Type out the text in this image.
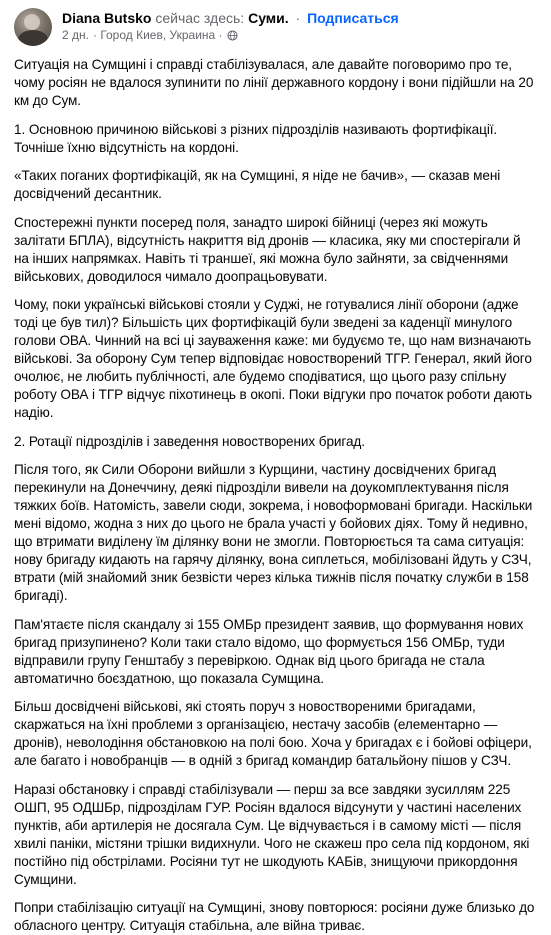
Diana Butsko сейчас здесь: Суми. · Подписаться
2 дн. · Город Киев, Украина ·

Ситуація на Сумщині і справді стабілізувалася, але давайте поговоримо про те, чому росіян не вдалося зупинити по лінії державного кордону і вони підійшли на 20 км до Сум.

1. Основною причиною військові з різних підрозділів називають фортифікації. Точніше їхню відсутність на кордоні.

«Таких поганих фортифікацій, як на Сумщині, я ніде не бачив», — сказав мені досвідчений десантник.

Спостережні пункти посеред поля, занадто широкі бійниці (через які можуть залітати БПЛА), відсутність накриття від дронів — класика, яку ми спостерігали й на інших напрямках. Навіть ті траншеї, які можна було зайняти, за свідченнями військових, доводилося чимало доопрацьовувати.

Чому, поки українські військові стояли у Суджі, не готувалися лінії оборони (адже тоді це був тил)? Більшість цих фортифікацій були зведені за каденції минулого голови ОВА. Чинний на всі ці зауваження каже: ми будуємо те, що нам визначають військові. За оборону Сум тепер відповідає новостворений ТГР. Генерал, який його очолює, не любить публічності, але будемо сподіватися, що цього разу спільну роботу ОВА і ТГР відчує піхотинець в окопі. Поки відгуки про початок роботи дають надію.

2. Ротації підрозділів і заведення новостворених бригад.

Після того, як Сили Оборони вийшли з Курщини, частину досвідчених бригад перекинули на Донеччину, деякі підрозділи вивели на доукомплектування після тяжких боїв. Натомість, завели сюди, зокрема, і новоформовані бригади. Наскільки мені відомо, жодна з них до цього не брала участі у бойових діях. Тому й недивно, що втримати виділену їм ділянку вони не змогли. Повторюється та сама ситуація: нову бригаду кидають на гарячу ділянку, вона сиплеться, мобілізовані йдуть у СЗЧ, втрати (мій знайомий зник безвісти через кілька тижнів після початку служби в 158 бригаді).

Пам'ятаєте після скандалу зі 155 ОМБр президент заявив, що формування нових бригад призупинено? Коли таки стало відомо, що формується 156 ОМБр, туди відправили групу Генштабу з перевіркою. Однак від цього бригада не стала автоматично боєздатною, що показала Сумщина.

Більш досвідчені військові, які стоять поруч з новоствореними бригадами, скаржаться на їхні проблеми з організацією, нестачу засобів (елементарно — дронів), неволодіння обстановкою на полі бою. Хоча у бригадах є і бойові офіцери, але багато і новобранців — в одній з бригад командир батальйону пішов у СЗЧ.

Наразі обстановку і справді стабілізували — перш за все завдяки зусиллям 225 ОШП, 95 ОДШБр, підрозділам ГУР. Росіян вдалося відсунути у частині населених пунктів, аби артилерія не досягала Сум. Це відчувається і в самому місті — після хвилі паніки, містяни трішки видихнули. Чого не скажеш про села під кордоном, які постійно під обстрілами. Росіяни тут не шкодують КАБів, знищуючи прикордоння Сумщини.

Попри стабілізацію ситуації на Сумщині, знову повторюся: росіяни дуже близько до обласного центру. Ситуація стабільна, але війна триває.
